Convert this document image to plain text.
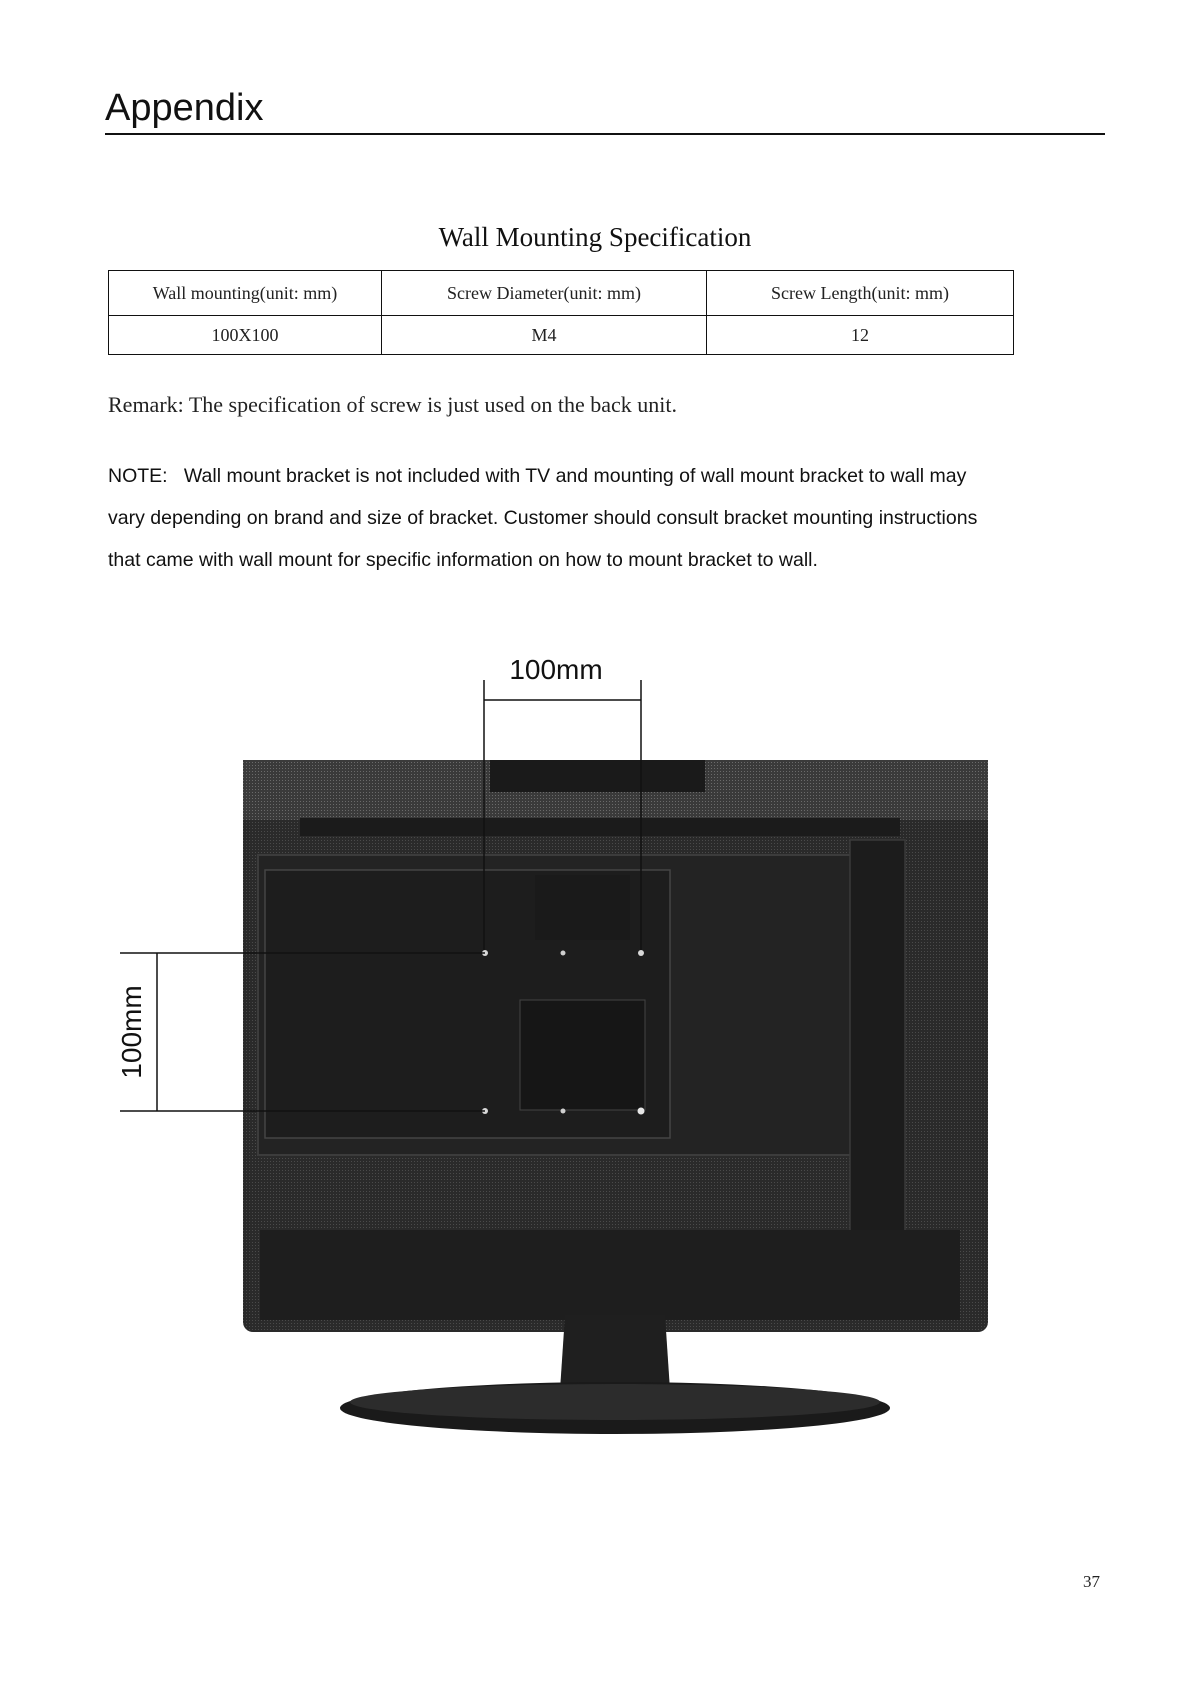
Appendix
Wall Mounting Specification
Wall mounting(unit: mm)	Screw Diameter(unit: mm)	Screw Length(unit: mm)
100X100	M4	12
Remark: The specification of screw is just used on the back unit.
NOTE:   Wall mount bracket is not included with TV and mounting of wall mount bracket to wall may
vary depending on brand and size of bracket. Customer should consult bracket mounting instructions
that came with wall mount for specific information on how to mount bracket to wall.
100mm
100mm
37
